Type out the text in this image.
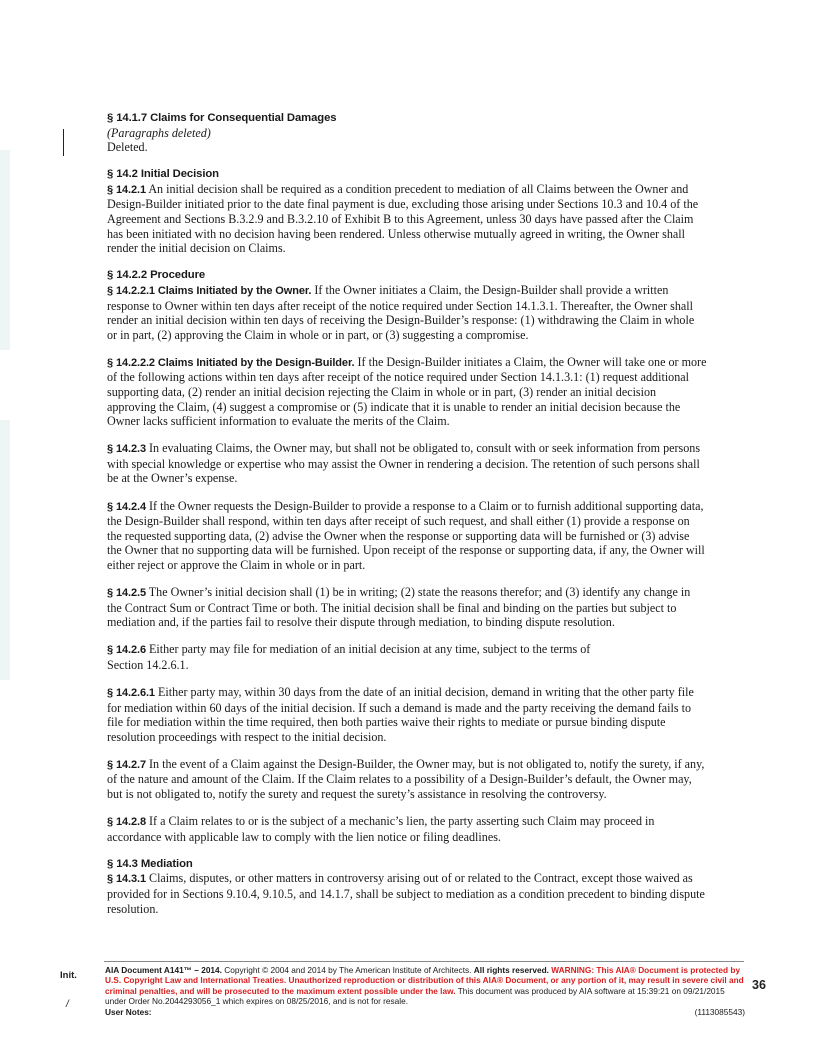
§ 14.1.7 Claims for Consequential Damages
(Paragraphs deleted)
Deleted.
§ 14.2 Initial Decision
§ 14.2.1 An initial decision shall be required as a condition precedent to mediation of all Claims between the Owner and Design-Builder initiated prior to the date final payment is due, excluding those arising under Sections 10.3 and 10.4 of the Agreement and Sections B.3.2.9 and B.3.2.10 of Exhibit B to this Agreement, unless 30 days have passed after the Claim has been initiated with no decision having been rendered. Unless otherwise mutually agreed in writing, the Owner shall render the initial decision on Claims.
§ 14.2.2 Procedure
§ 14.2.2.1 Claims Initiated by the Owner. If the Owner initiates a Claim, the Design-Builder shall provide a written response to Owner within ten days after receipt of the notice required under Section 14.1.3.1. Thereafter, the Owner shall render an initial decision within ten days of receiving the Design-Builder’s response: (1) withdrawing the Claim in whole or in part, (2) approving the Claim in whole or in part, or (3) suggesting a compromise.
§ 14.2.2.2 Claims Initiated by the Design-Builder. If the Design-Builder initiates a Claim, the Owner will take one or more of the following actions within ten days after receipt of the notice required under Section 14.1.3.1: (1) request additional supporting data, (2) render an initial decision rejecting the Claim in whole or in part, (3) render an initial decision approving the Claim, (4) suggest a compromise or (5) indicate that it is unable to render an initial decision because the Owner lacks sufficient information to evaluate the merits of the Claim.
§ 14.2.3 In evaluating Claims, the Owner may, but shall not be obligated to, consult with or seek information from persons with special knowledge or expertise who may assist the Owner in rendering a decision. The retention of such persons shall be at the Owner’s expense.
§ 14.2.4 If the Owner requests the Design-Builder to provide a response to a Claim or to furnish additional supporting data, the Design-Builder shall respond, within ten days after receipt of such request, and shall either (1) provide a response on the requested supporting data, (2) advise the Owner when the response or supporting data will be furnished or (3) advise the Owner that no supporting data will be furnished. Upon receipt of the response or supporting data, if any, the Owner will either reject or approve the Claim in whole or in part.
§ 14.2.5 The Owner’s initial decision shall (1) be in writing; (2) state the reasons therefor; and (3) identify any change in the Contract Sum or Contract Time or both. The initial decision shall be final and binding on the parties but subject to mediation and, if the parties fail to resolve their dispute through mediation, to binding dispute resolution.
§ 14.2.6 Either party may file for mediation of an initial decision at any time, subject to the terms of Section 14.2.6.1.
§ 14.2.6.1 Either party may, within 30 days from the date of an initial decision, demand in writing that the other party file for mediation within 60 days of the initial decision. If such a demand is made and the party receiving the demand fails to file for mediation within the time required, then both parties waive their rights to mediate or pursue binding dispute resolution proceedings with respect to the initial decision.
§ 14.2.7 In the event of a Claim against the Design-Builder, the Owner may, but is not obligated to, notify the surety, if any, of the nature and amount of the Claim. If the Claim relates to a possibility of a Design-Builder’s default, the Owner may, but is not obligated to, notify the surety and request the surety’s assistance in resolving the controversy.
§ 14.2.8 If a Claim relates to or is the subject of a mechanic’s lien, the party asserting such Claim may proceed in accordance with applicable law to comply with the lien notice or filing deadlines.
§ 14.3 Mediation
§ 14.3.1 Claims, disputes, or other matters in controversy arising out of or related to the Contract, except those waived as provided for in Sections 9.10.4, 9.10.5, and 14.1.7, shall be subject to mediation as a condition precedent to binding dispute resolution.
Init.
/
AIA Document A141™ – 2014. Copyright © 2004 and 2014 by The American Institute of Architects. All rights reserved. WARNING: This AIA® Document is protected by U.S. Copyright Law and International Treaties. Unauthorized reproduction or distribution of this AIA® Document, or any portion of it, may result in severe civil and criminal penalties, and will be prosecuted to the maximum extent possible under the law. This document was produced by AIA software at 15:39:21 on 09/21/2015 under Order No.2044293056_1 which expires on 08/25/2016, and is not for resale.
User Notes:	(1113085543)
36
